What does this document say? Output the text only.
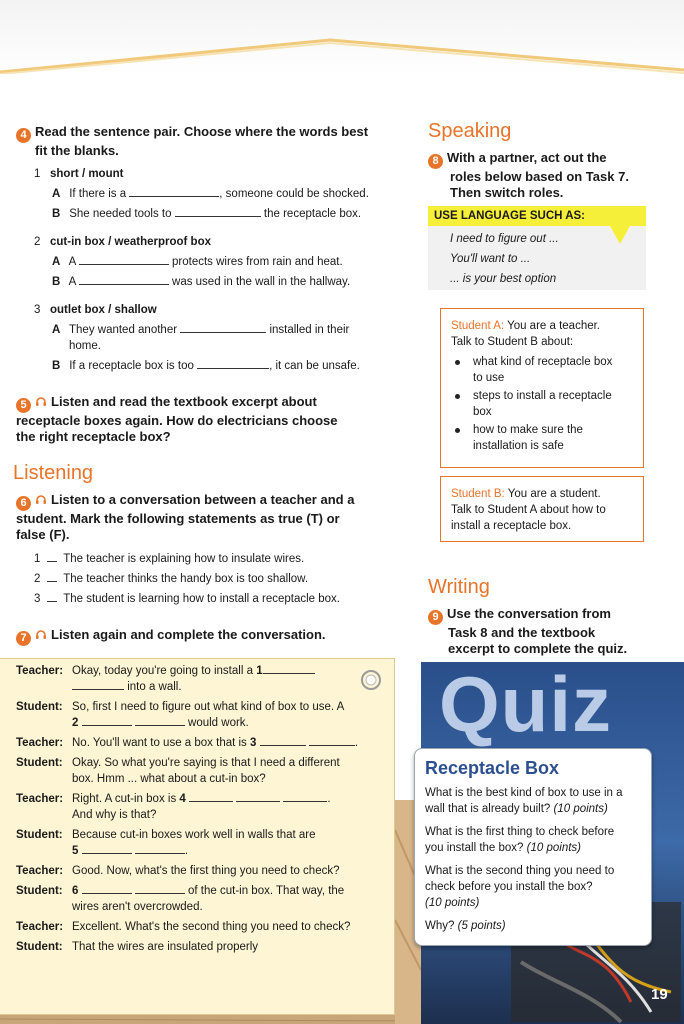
4 Read the sentence pair. Choose where the words best
fit the blanks.
1 short / mount
A If there is a	, someone could be shocked.
B She needed tools to	the receptacle box.
2 cut-in box / weatherproof box
A A	protects wires from rain and heat.
B A	was used in the wall in the hallway.
3 outlet box / shallow
A They wanted another	installed in their
home.
B If a receptacle box is too	, it can be unsafe.
5 Listen and read the textbook excerpt about
receptacle boxes again. How do electricians choose
the right receptacle box?
Listening
6 Listen to a conversation between a teacher and a
student. Mark the following statements as true (T) or
false (F).
1 The teacher is explaining how to insulate wires.
2 The teacher thinks the handy box is too shallow.
3 The student is learning how to install a receptacle box.
7 Listen again and complete the conversation.
Teacher: Okay, today you're going to install a 1
into a wall.
Student: So, first I need to figure out what kind of box to use. A
2	would work.
Teacher: No. You'll want to use a box that is 3	.
Student: Okay. So what you're saying is that I need a different
box. Hmm ... what about a cut-in box?
Teacher: Right. A cut-in box is 4	.
And why is that?
Student: Because cut-in boxes work well in walls that are
5	.
Teacher: Good. Now, what's the first thing you need to check?
Student: 6	of the cut-in box. That way, the
wires aren't overcrowded.
Teacher: Excellent. What's the second thing you need to check?
Student: That the wires are insulated properly
Speaking
8 With a partner, act out the
roles below based on Task 7.
Then switch roles.
USE LANGUAGE SUCH AS:
I need to figure out ...
You'll want to ...
... is your best option
Student A: You are a teacher.
Talk to Student B about:
what kind of receptacle box
to use
steps to install a receptacle
box
how to make sure the
installation is safe
Student B: You are a student.
Talk to Student A about how to
install a receptacle box.
Writing
9 Use the conversation from
Task 8 and the textbook
excerpt to complete the quiz.
Quiz
19
Receptacle Box

What is the best kind of box to use in a
wall that is already built? (10 points)

What is the first thing to check before
you install the box? (10 points)

What is the second thing you need to
check before you install the box?
(10 points)

Why? (5 points)
